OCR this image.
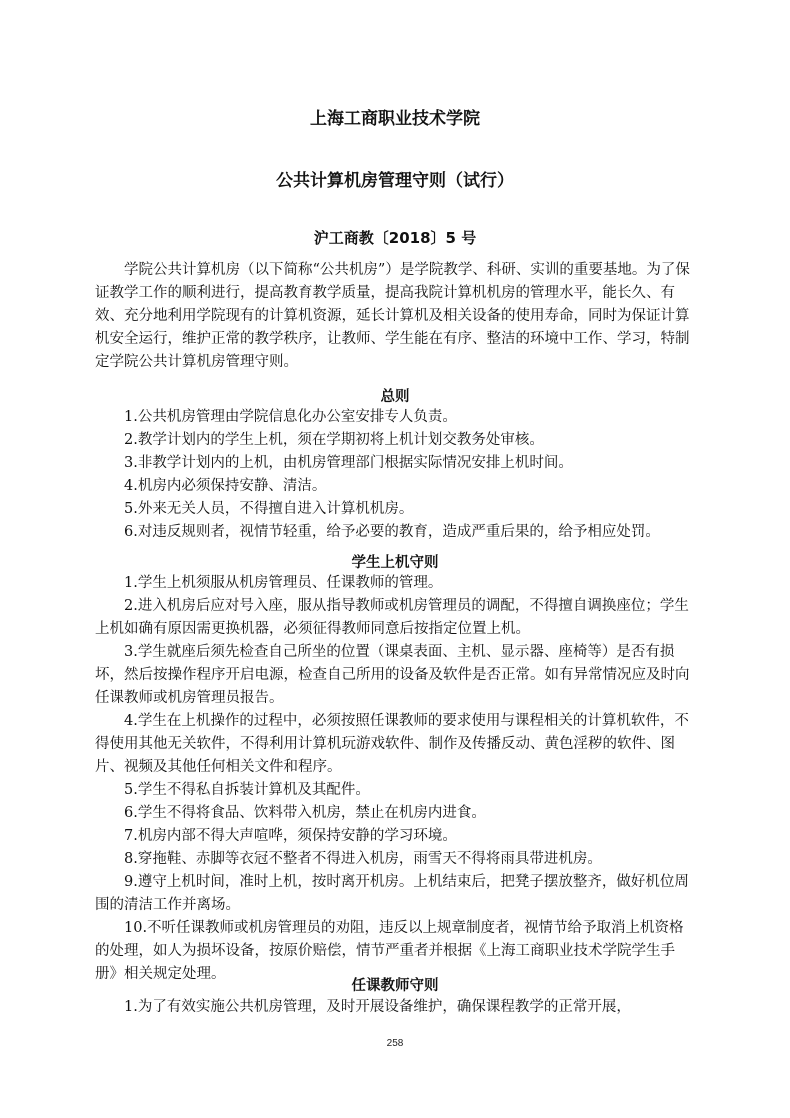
上海工商职业技术学院
公共计算机房管理守则（试行）
沪工商教〔2018〕5 号

学院公共计算机房（以下简称“公共机房”）是学院教学、科研、实训的重要基地。为了保证教学工作的顺利进行，提高教育教学质量，提高我院计算机机房的管理水平，能长久、有效、充分地利用学院现有的计算机资源，延长计算机及相关设备的使用寿命，同时为保证计算机安全运行，维护正常的教学秩序，让教师、学生能在有序、整洁的环境中工作、学习，特制定学院公共计算机房管理守则。

总则

1.公共机房管理由学院信息化办公室安排专人负责。

2.教学计划内的学生上机，须在学期初将上机计划交教务处审核。

3.非教学计划内的上机，由机房管理部门根据实际情况安排上机时间。

4.机房内必须保持安静、清洁。

5.外来无关人员，不得擅自进入计算机机房。

6.对违反规则者，视情节轻重，给予必要的教育，造成严重后果的，给予相应处罚。

学生上机守则

1.学生上机须服从机房管理员、任课教师的管理。

2.进入机房后应对号入座，服从指导教师或机房管理员的调配，不得擅自调换座位；学生上机如确有原因需更换机器，必须征得教师同意后按指定位置上机。

3.学生就座后须先检查自己所坐的位置（课桌表面、主机、显示器、座椅等）是否有损坏，然后按操作程序开启电源，检查自己所用的设备及软件是否正常。如有异常情况应及时向任课教师或机房管理员报告。

4.学生在上机操作的过程中，必须按照任课教师的要求使用与课程相关的计算机软件，不得使用其他无关软件，不得利用计算机玩游戏软件、制作及传播反动、黄色淫秽的软件、图片、视频及其他任何相关文件和程序。

5.学生不得私自拆装计算机及其配件。

6.学生不得将食品、饮料带入机房，禁止在机房内进食。

7.机房内部不得大声喧哗，须保持安静的学习环境。

8.穿拖鞋、赤脚等衣冠不整者不得进入机房，雨雪天不得将雨具带进机房。

9.遵守上机时间，准时上机，按时离开机房。上机结束后，把凳子摆放整齐，做好机位周围的清洁工作并离场。

10.不听任课教师或机房管理员的劝阻，违反以上规章制度者，视情节给予取消上机资格的处理，如人为损坏设备，按原价赔偿，情节严重者并根据《上海工商职业技术学院学生手册》相关规定处理。

任课教师守则

1.为了有效实施公共机房管理，及时开展设备维护，确保课程教学的正常开展，

258
